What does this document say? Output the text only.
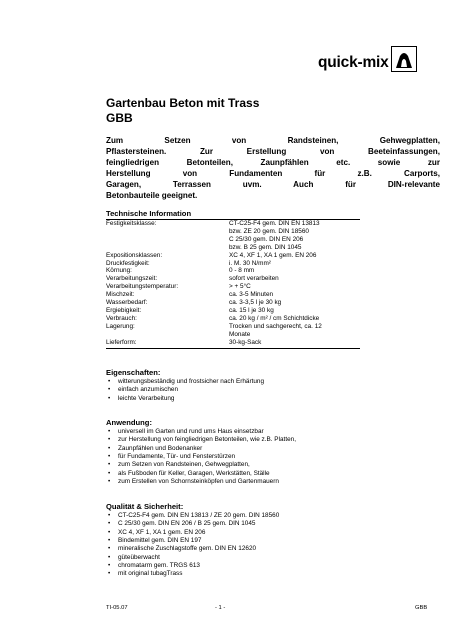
quick-mix
Gartenbau Beton mit Trass
GBB
Zum Setzen von Randsteinen, Gehwegplatten,
Pflastersteinen. Zur Erstellung von Beeteinfassungen,
feingliedrigen Betonteilen, Zaunpfählen etc. sowie zur
Herstellung von Fundamenten für z.B. Carports,
Garagen, Terrassen uvm. Auch für DIN-relevante
Betonbauteile geeignet.
Technische Information
Festigkeitsklasse:	CT-C25-F4 gem. DIN EN 13813
bzw. ZE 20 gem. DIN 18560
C 25/30 gem. DIN EN 206
bzw. B 25 gem. DIN 1045
Expositionsklassen:	XC 4, XF 1, XA 1 gem. EN 206
Druckfestigkeit:	i. M. 30 N/mm²
Körnung:	0 - 8 mm
Verarbeitungszeit:	sofort verarbeiten
Verarbeitungstemperatur:	> + 5°C
Mischzeit:	ca. 3-5 Minuten
Wasserbedarf:	ca. 3-3,5 l je 30 kg
Ergiebigkeit:	ca. 15 l je 30 kg
Verbrauch:	ca. 20 kg / m² / cm Schichtdicke
Lagerung:	Trocken und sachgerecht, ca. 12
Monate
Lieferform:	30-kg-Sack
Eigenschaften:
• witterungsbeständig und frostsicher nach Erhärtung
• einfach anzumischen
• leichte Verarbeitung
Anwendung:
• universell im Garten und rund ums Haus einsetzbar
• zur Herstellung von feingliedrigen Betonteilen, wie z.B. Platten,
• Zaunpfählen und Bodenanker
• für Fundamente, Tür- und Fensterstürzen
• zum Setzen von Randsteinen, Gehwegplatten,
• als Fußboden für Keller, Garagen, Werkstätten, Ställe
• zum Erstellen von Schornsteinköpfen und Gartenmauern
Qualität & Sicherheit:
• CT-C25-F4 gem. DIN EN 13813 / ZE 20 gem. DIN 18560
• C 25/30 gem. DIN EN 206 / B 25 gem. DIN 1045
• XC 4, XF 1, XA 1 gem. EN 206
• Bindemittel gem. DIN EN 197
• mineralische Zuschlagstoffe gem. DIN EN 12620
• güteüberwacht
• chromatarm gem. TRGS 613
• mit original tubagTrass
TI-05.07	- 1 -	GBB
